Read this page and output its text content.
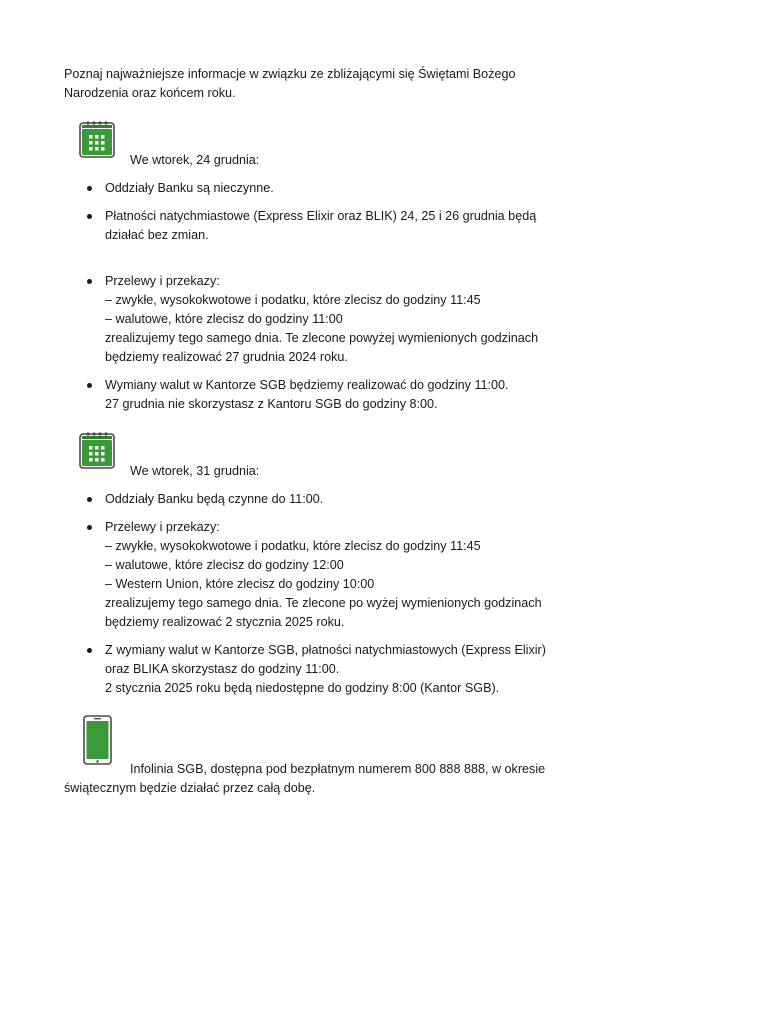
Poznaj najważniejsze informacje w związku ze zbliżającymi się Świętami Bożego Narodzenia oraz końcem roku.

We wtorek, 24 grudnia:

Oddziały Banku są nieczynne.
Płatności natychmiastowe (Express Elixir oraz BLIK) 24, 25 i 26 grudnia będą działać bez zmian.
Przelewy i przekazy:
– zwykłe, wysokokwotowe i podatku, które zlecisz do godziny 11:45
– walutowe, które zlecisz do godziny 11:00
zrealizujemy tego samego dnia. Te zlecone powyżej wymienionych godzinach będziemy realizować 27 grudnia 2024 roku.
Wymiany walut w Kantorze SGB będziemy realizować do godziny 11:00.
27 grudnia nie skorzystasz z Kantoru SGB do godziny 8:00.

We wtorek, 31 grudnia:

Oddziały Banku będą czynne do 11:00.
Przelewy i przekazy:
– zwykłe, wysokokwotowe i podatku, które zlecisz do godziny 11:45
– walutowe, które zlecisz do godziny 12:00
– Western Union, które zlecisz do godziny 10:00
zrealizujemy tego samego dnia. Te zlecone po wyżej wymienionych godzinach będziemy realizować 2 stycznia 2025 roku.
Z wymiany walut w Kantorze SGB, płatności natychmiastowych (Express Elixir) oraz BLIKA skorzystasz do godziny 11:00.
2 stycznia 2025 roku będą niedostępne do godziny 8:00 (Kantor SGB).

Infolinia SGB, dostępna pod bezpłatnym numerem 800 888 888, w okresie świątecznym będzie działać przez całą dobę.
